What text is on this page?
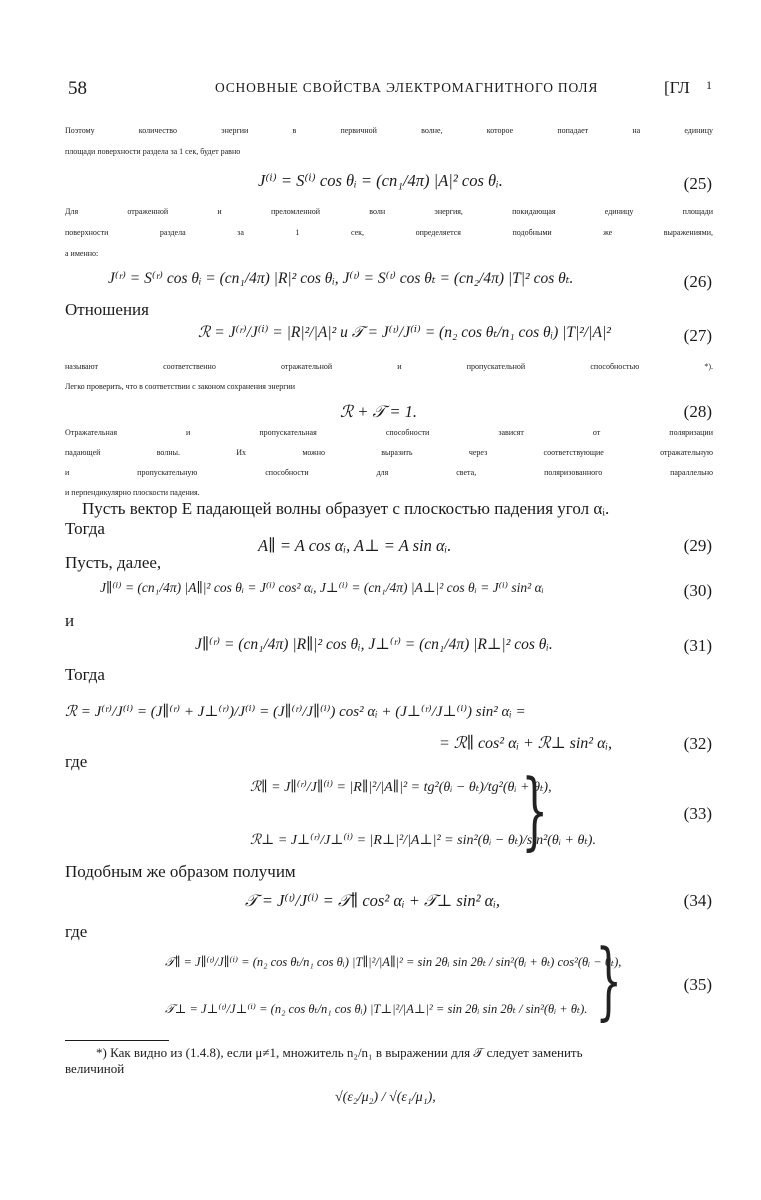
58	ОСНОВНЫЕ СВОЙСТВА ЭЛЕКТРОМАГНИТНОГО ПОЛЯ	[ГЛ 1
Поэтому количество энергии в первичной волне, которое попадает на единицу
площади поверхности раздела за 1 сек, будет равно
J⁽ⁱ⁾ = S⁽ⁱ⁾ cos θᵢ = (cn₁/4π) |A|² cos θᵢ.	(25)
Для отраженной и преломленной волн энергия, покидающая единицу площади
поверхности раздела за 1 сек, определяется подобными же выражениями,
а именно:
J⁽ʳ⁾ = S⁽ʳ⁾ cos θᵢ = (cn₁/4π) |R|² cos θᵢ, J⁽ᵗ⁾ = S⁽ᵗ⁾ cos θₜ = (cn₂/4π) |T|² cos θₜ.	(26)
Отношения
ℛ = J⁽ʳ⁾/J⁽ⁱ⁾ = |R|²/|A|² и 𝒯 = J⁽ᵗ⁾/J⁽ⁱ⁾ = (n₂ cos θₜ/n₁ cos θᵢ) |T|²/|A|²	(27)
называют соответственно отражательной и пропускательной способностью *).
Легко проверить, что в соответствии с законом сохранения энергии
ℛ + 𝒯 = 1.	(28)
Отражательная и пропускательная способности зависят от поляризации
падающей волны. Их можно выразить через соответствующие отражательную
и пропускательную способности для света, поляризованного параллельно
и перпендикулярно плоскости падения.
Пусть вектор E падающей волны образует с плоскостью падения угол αᵢ.
Тогда
A∥ = A cos αᵢ, A⊥ = A sin αᵢ.	(29)
Пусть, далее,
J∥⁽ⁱ⁾ = (cn₁/4π) |A∥|² cos θᵢ = J⁽ⁱ⁾ cos² αᵢ, J⊥⁽ⁱ⁾ = (cn₁/4π) |A⊥|² cos θᵢ = J⁽ⁱ⁾ sin² αᵢ	(30)
и
J∥⁽ʳ⁾ = (cn₁/4π) |R∥|² cos θᵢ, J⊥⁽ʳ⁾ = (cn₁/4π) |R⊥|² cos θᵢ.	(31)
Тогда
ℛ = J⁽ʳ⁾/J⁽ⁱ⁾ = (J∥⁽ʳ⁾ + J⊥⁽ʳ⁾)/J⁽ⁱ⁾ = (J∥⁽ʳ⁾/J∥⁽ⁱ⁾) cos² αᵢ + (J⊥⁽ʳ⁾/J⊥⁽ⁱ⁾) sin² αᵢ =
= ℛ∥ cos² αᵢ + ℛ⊥ sin² αᵢ,	(32)
где
ℛ∥ = J∥⁽ʳ⁾/J∥⁽ⁱ⁾ = |R∥|²/|A∥|² = tg²(θᵢ − θₜ)/tg²(θᵢ + θₜ),
ℛ⊥ = J⊥⁽ʳ⁾/J⊥⁽ⁱ⁾ = |R⊥|²/|A⊥|² = sin²(θᵢ − θₜ)/sin²(θᵢ + θₜ).
}	(33)
Подобным же образом получим
𝒯 = J⁽ᵗ⁾/J⁽ⁱ⁾ = 𝒯∥ cos² αᵢ + 𝒯⊥ sin² αᵢ,	(34)
где
𝒯∥ = J∥⁽ᵗ⁾/J∥⁽ⁱ⁾ = (n₂ cos θₜ/n₁ cos θᵢ) |T∥|²/|A∥|² = sin 2θᵢ sin 2θₜ / sin²(θᵢ + θₜ) cos²(θᵢ − θₜ),
𝒯⊥ = J⊥⁽ᵗ⁾/J⊥⁽ⁱ⁾ = (n₂ cos θₜ/n₁ cos θᵢ) |T⊥|²/|A⊥|² = sin 2θᵢ sin 2θₜ / sin²(θᵢ + θₜ). }	(35)
*) Как видно из (1.4.8), если μ≠1, множитель n₂/n₁ в выражении для 𝒯 следует заменить
величиной
√(ε₂/μ₂) / √(ε₁/μ₁),
